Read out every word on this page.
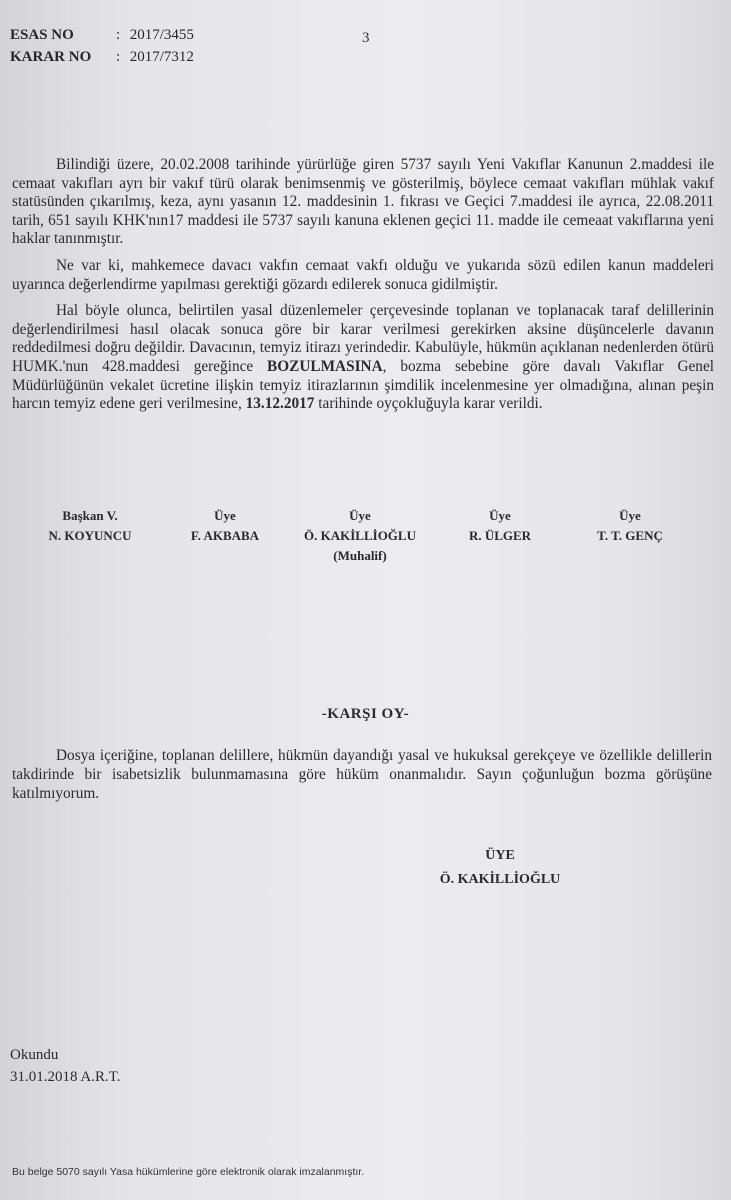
ESAS NO	: 2017/3455
KARAR NO : 2017/7312
3

Bilindiği üzere, 20.02.2008 tarihinde yürürlüğe giren 5737 sayılı Yeni Vakıflar Kanunun 2.maddesi ile cemaat vakıfları ayrı bir vakıf türü olarak benimsenmiş ve gösterilmiş, böylece cemaat vakıfları mühlak vakıf statüsünden çıkarılmış, keza, aynı yasanın 12. maddesinin 1. fıkrası ve Geçici 7.maddesi ile ayrıca, 22.08.2011 tarih, 651 sayılı KHK'nın17 maddesi ile 5737 sayılı kanuna eklenen geçici 11. madde ile cemeaat vakıflarına yeni haklar tanınmıştır.

Ne var ki, mahkemece davacı vakfın cemaat vakfı olduğu ve yukarıda sözü edilen kanun maddeleri uyarınca değerlendirme yapılması gerektiği gözardı edilerek sonuca gidilmiştir.

Hal böyle olunca, belirtilen yasal düzenlemeler çerçevesinde toplanan ve toplanacak taraf delillerinin değerlendirilmesi hasıl olacak sonuca göre bir karar verilmesi gerekirken aksine düşüncelerle davanın reddedilmesi doğru değildir. Davacının, temyiz itirazı yerindedir. Kabulüyle, hükmün açıklanan nedenlerden ötürü HUMK.'nun 428.maddesi gereğince BOZULMASINA, bozma sebebine göre davalı Vakıflar Genel Müdürlüğünün vekalet ücretine ilişkin temyiz itirazlarının şimdilik incelenmesine yer olmadığına, alınan peşin harcın temyiz edene geri verilmesine, 13.12.2017 tarihinde oyçokluğuyla karar verildi.

Başkan V.
N. KOYUNCU
Üye
F. AKBABA
Üye
Ö. KAKİLLİOĞLU
(Muhalif)
Üye
R. ÜLGER
Üye
T. T. GENÇ
-KARŞI OY-

Dosya içeriğine, toplanan delillere, hükmün dayandığı yasal ve hukuksal gerekçeye ve özellikle delillerin takdirinde bir isabetsizlik bulunmamasına göre hüküm onanmalıdır. Sayın çoğunluğun bozma görüşüne katılmıyorum.

ÜYE
Ö. KAKİLLİOĞLU
Okundu
31.01.2018 A.R.T.
Bu belge 5070 sayılı Yasa hükümlerine göre elektronik olarak imzalanmıştır.
